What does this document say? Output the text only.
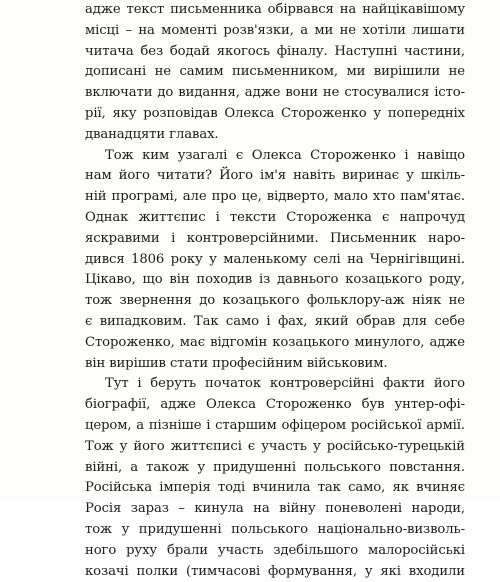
адже текст письменника обірвався на найцікавішому
місці – на моменті розв'язки, а ми не хотіли лишати
читача без бодай якогось фіналу. Наступні частини,
дописані не самим письменником, ми вирішили не
включати до видання, адже вони не стосувалися істо-
рії, яку розповідав Олекса Стороженко у попередніх
дванадцяти главах.
Тож ким узагалі є Олекса Стороженко і навіщо
нам його читати? Його ім'я навіть виринає у шкіль-
ній програмі, але про це, відверто, мало хто пам'ятає.
Однак життєпис і тексти Стороженка є напрочуд
яскравими і контроверсійними. Письменник наро-
дився 1806 року у маленькому селі на Чернігівщині.
Цікаво, що він походив із давнього козацького роду,
тож звернення до козацького фольклору-аж ніяк не
є випадковим. Так само і фах, який обрав для себе
Стороженко, має відгомін козацького минулого, адже
він вирішив стати професійним військовим.
Тут і беруть початок контроверсійні факти його
біографії, адже Олекса Стороженко був унтер-офі-
цером, а пізніше і старшим офіцером російської армії.
Тож у його життєписі є участь у російсько-турецькій
війні, а також у придушенні польського повстання.
Російська імперія тоді вчинила так само, як вчиняє
Росія зараз – кинула на війну поневолені народи,
тож у придушенні польського національно-визволь-
ного руху брали участь здебільшого малоросійські
козачі полки (тимчасові формування, у які входили
